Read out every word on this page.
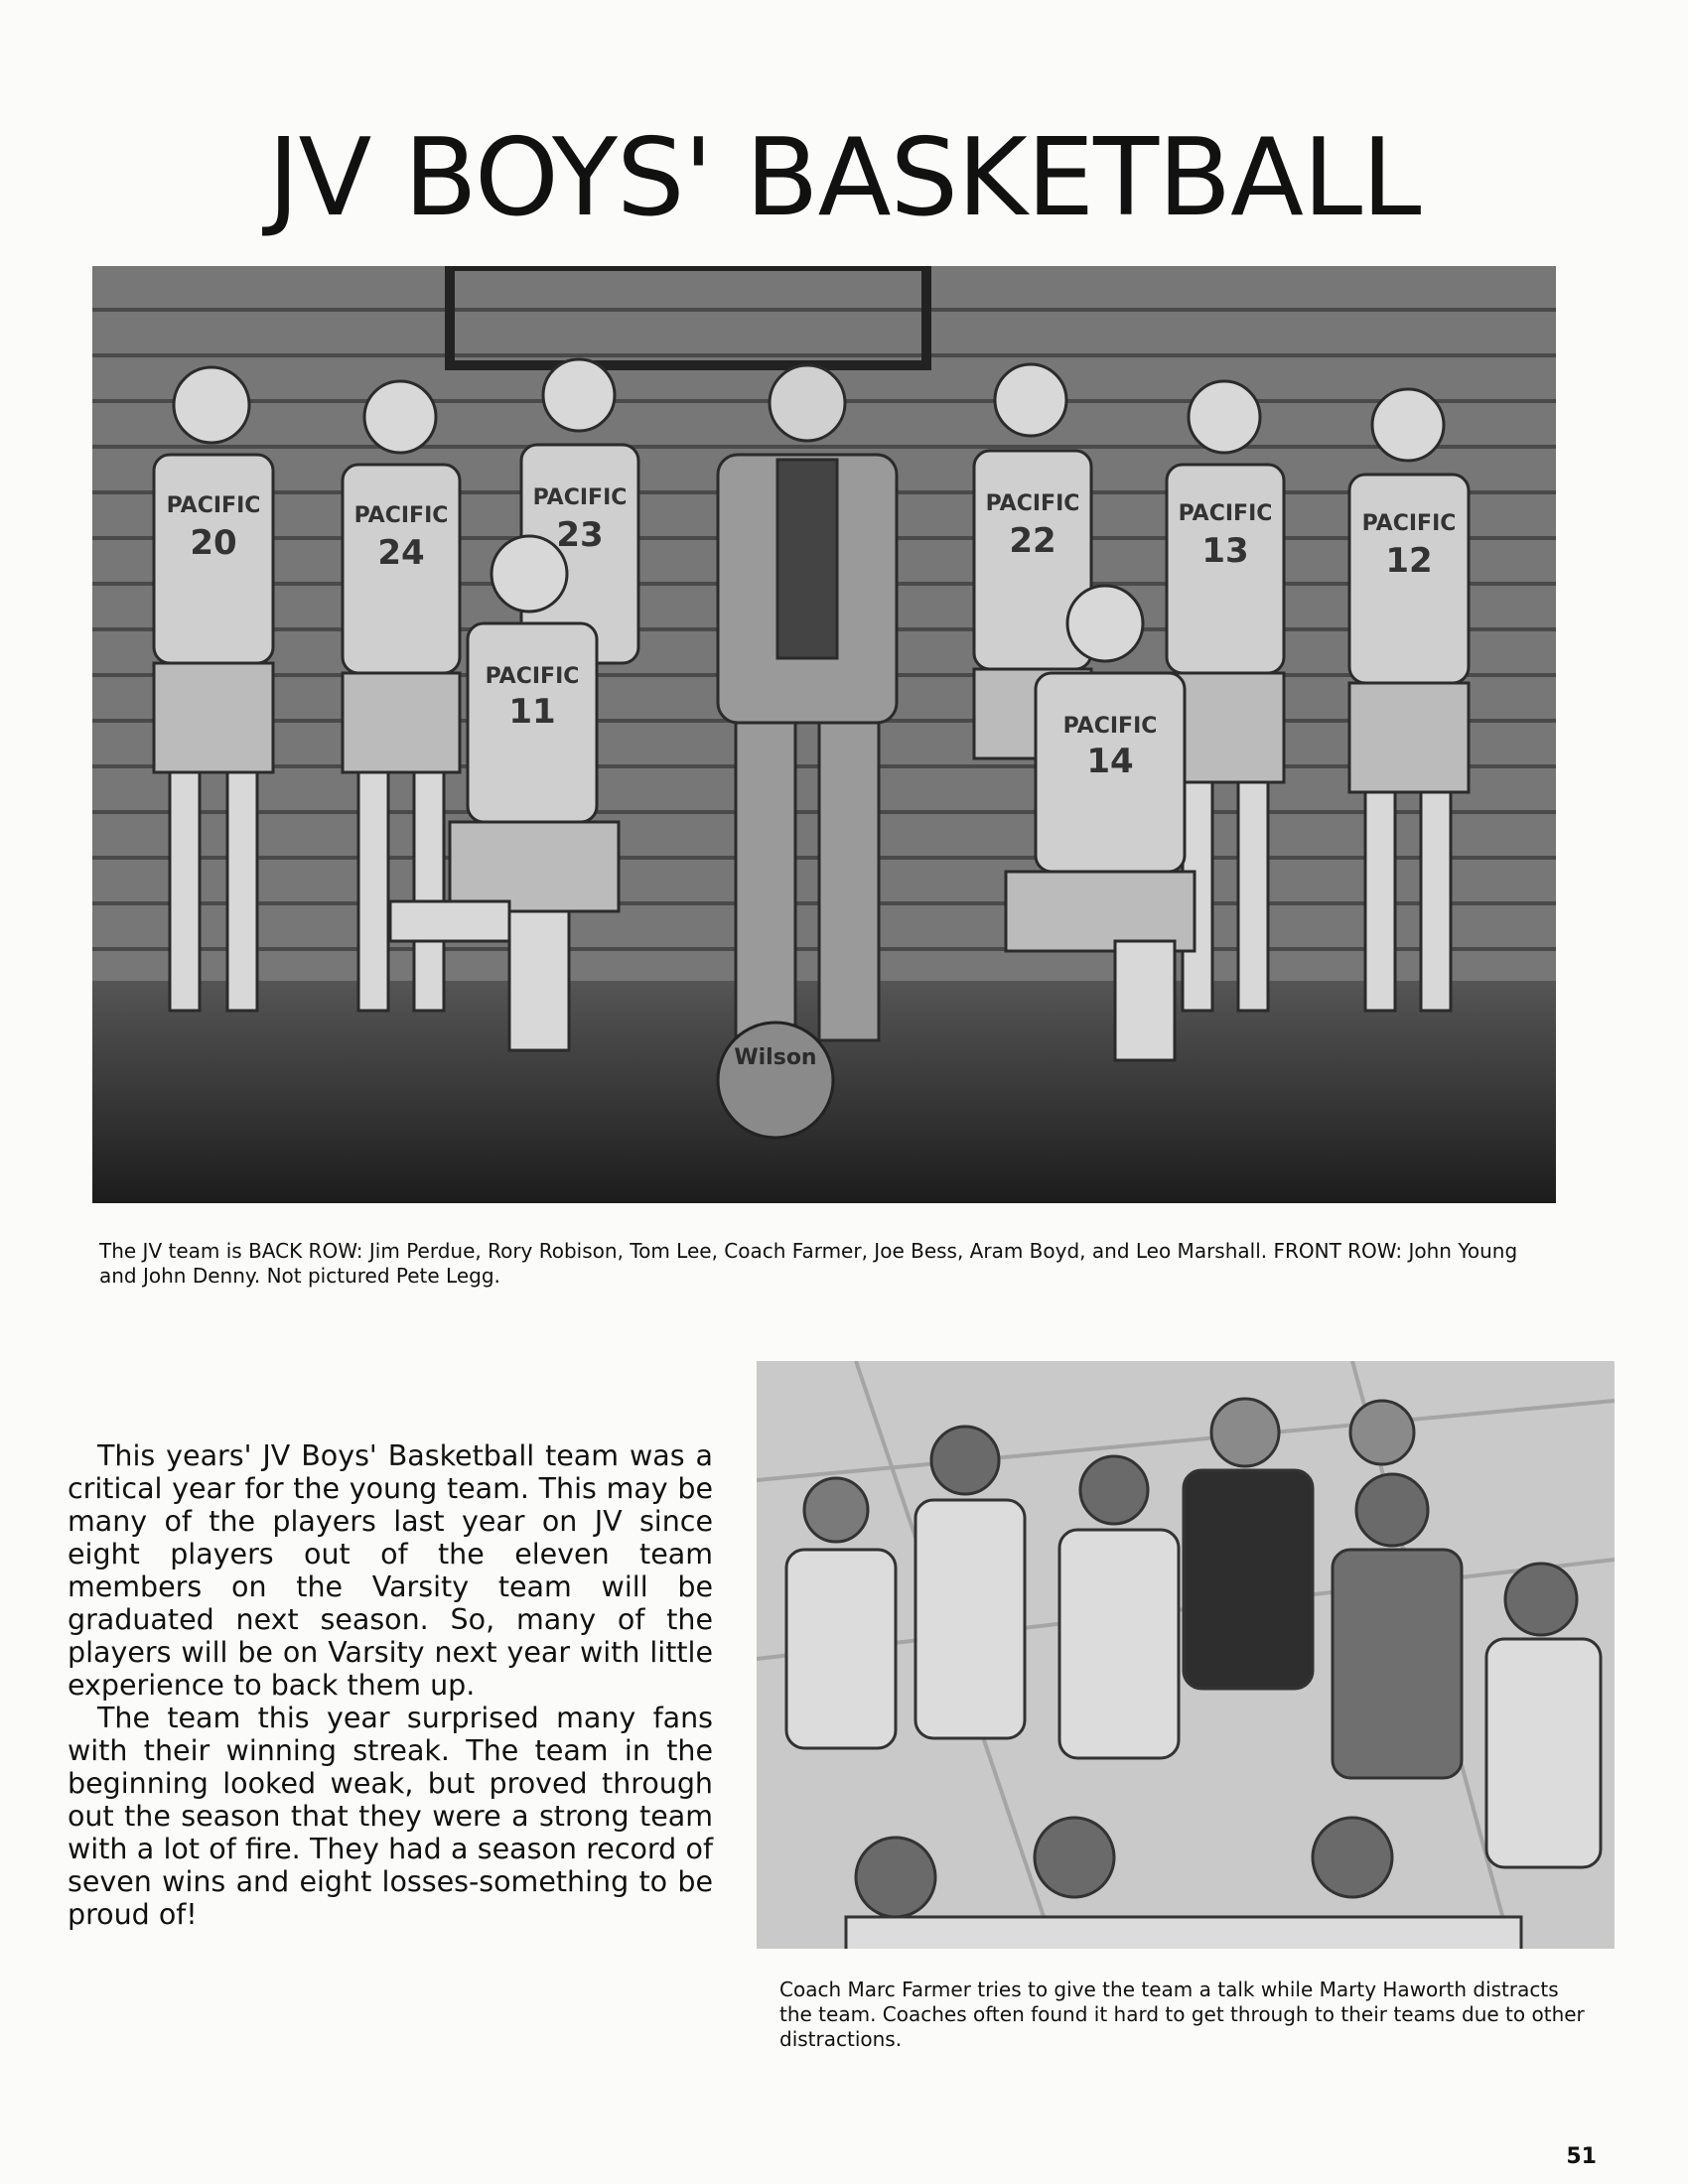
JV BOYS' BASKETBALL
Wilson
PACIFIC
20
PACIFIC
24
PACIFIC
23
PACIFIC
22
PACIFIC
13
PACIFIC
12
PACIFIC
11	PACIFIC
14
The JV team is BACK ROW: Jim Perdue, Rory Robison, Tom Lee, Coach Farmer, Joe Bess, Aram Boyd, and Leo Marshall. FRONT ROW: John Young and John Denny. Not pictured Pete Legg.

This years' JV Boys' Basketball team was a critical year for the young team. This may be many of the players last year on JV since eight players out of the eleven team members on the Varsity team will be graduated next season. So, many of the players will be on Varsity next year with little experience to back them up.

The team this year surprised many fans with their winning streak. The team in the beginning looked weak, but proved through out the season that they were a strong team with a lot of fire. They had a season record of seven wins and eight losses-something to be proud of!

Coach Marc Farmer tries to give the team a talk while Marty Haworth distracts the team. Coaches often found it hard to get through to their teams due to other distractions.
51
